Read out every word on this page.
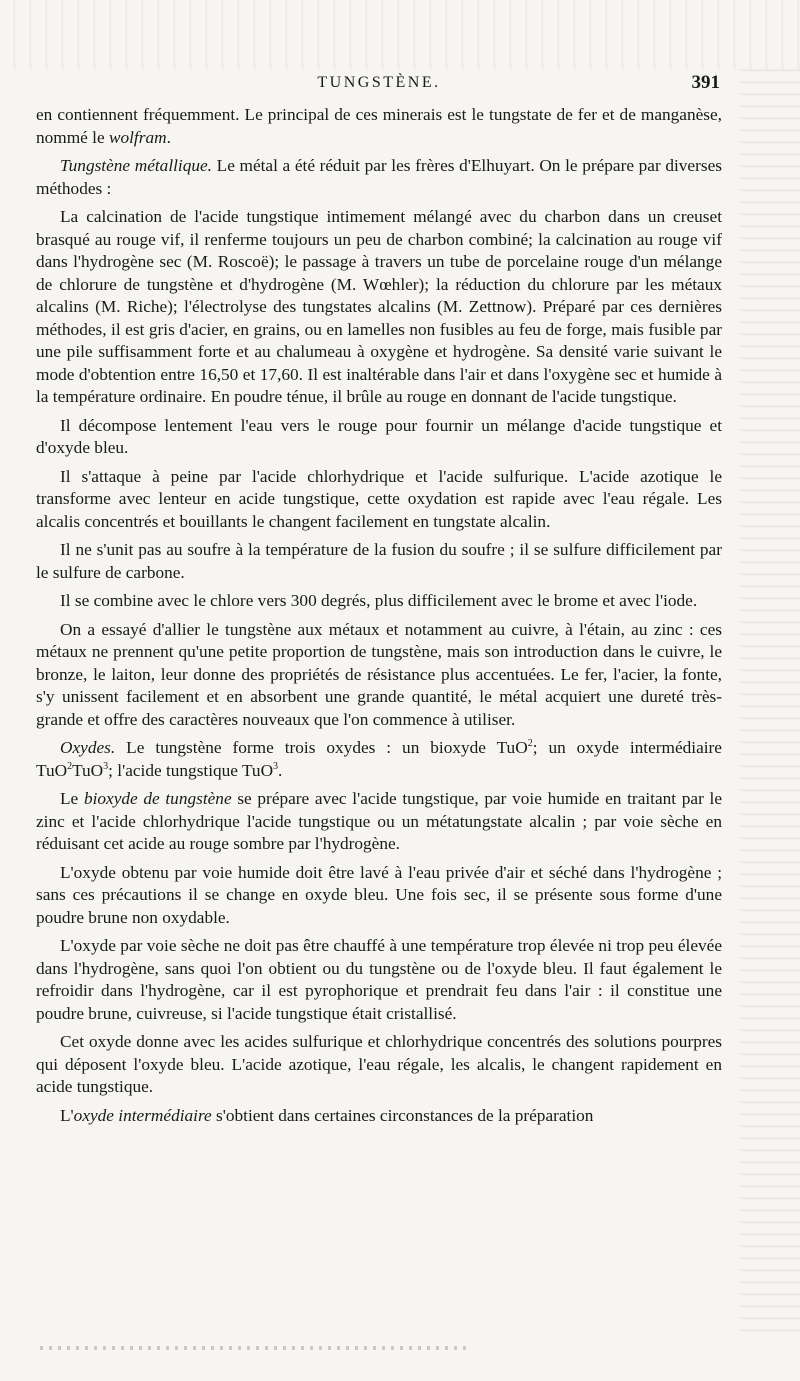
TUNGSTÈNE.	391

en contiennent fréquemment. Le principal de ces minerais est le tungstate de fer et de manganèse, nommé le wolfram.

Tungstène métallique. Le métal a été réduit par les frères d'Elhuyart. On le prépare par diverses méthodes :

La calcination de l'acide tungstique intimement mélangé avec du charbon dans un creuset brasqué au rouge vif, il renferme toujours un peu de charbon combiné; la calcination au rouge vif dans l'hydrogène sec (M. Roscoë); le passage à travers un tube de porcelaine rouge d'un mélange de chlorure de tungstène et d'hydrogène (M. Wœhler); la réduction du chlorure par les métaux alcalins (M. Riche); l'électrolyse des tungstates alcalins (M. Zettnow). Préparé par ces dernières méthodes, il est gris d'acier, en grains, ou en lamelles non fusibles au feu de forge, mais fusible par une pile suffisamment forte et au chalumeau à oxygène et hydrogène. Sa densité varie suivant le mode d'obtention entre 16,50 et 17,60. Il est inaltérable dans l'air et dans l'oxygène sec et humide à la température ordinaire. En poudre ténue, il brûle au rouge en donnant de l'acide tungstique.

Il décompose lentement l'eau vers le rouge pour fournir un mélange d'acide tungstique et d'oxyde bleu.

Il s'attaque à peine par l'acide chlorhydrique et l'acide sulfurique. L'acide azotique le transforme avec lenteur en acide tungstique, cette oxydation est rapide avec l'eau régale. Les alcalis concentrés et bouillants le changent facilement en tungstate alcalin.

Il ne s'unit pas au soufre à la température de la fusion du soufre ; il se sulfure difficilement par le sulfure de carbone.

Il se combine avec le chlore vers 300 degrés, plus difficilement avec le brome et avec l'iode.

On a essayé d'allier le tungstène aux métaux et notamment au cuivre, à l'étain, au zinc : ces métaux ne prennent qu'une petite proportion de tungstène, mais son introduction dans le cuivre, le bronze, le laiton, leur donne des propriétés de résistance plus accentuées. Le fer, l'acier, la fonte, s'y unissent facilement et en absorbent une grande quantité, le métal acquiert une dureté très-grande et offre des caractères nouveaux que l'on commence à utiliser.

Oxydes. Le tungstène forme trois oxydes : un bioxyde TuO$^2$; un oxyde intermédiaire TuO$^2$TuO$^3$; l'acide tungstique TuO$^3$.

Le bioxyde de tungstène se prépare avec l'acide tungstique, par voie humide en traitant par le zinc et l'acide chlorhydrique l'acide tungstique ou un métatungstate alcalin ; par voie sèche en réduisant cet acide au rouge sombre par l'hydrogène.

L'oxyde obtenu par voie humide doit être lavé à l'eau privée d'air et séché dans l'hydrogène ; sans ces précautions il se change en oxyde bleu. Une fois sec, il se présente sous forme d'une poudre brune non oxydable.

L'oxyde par voie sèche ne doit pas être chauffé à une température trop élevée ni trop peu élevée dans l'hydrogène, sans quoi l'on obtient ou du tungstène ou de l'oxyde bleu. Il faut également le refroidir dans l'hydrogène, car il est pyrophorique et prendrait feu dans l'air : il constitue une poudre brune, cuivreuse, si l'acide tungstique était cristallisé.

Cet oxyde donne avec les acides sulfurique et chlorhydrique concentrés des solutions pourpres qui déposent l'oxyde bleu. L'acide azotique, l'eau régale, les alcalis, le changent rapidement en acide tungstique.

L'oxyde intermédiaire s'obtient dans certaines circonstances de la préparation
